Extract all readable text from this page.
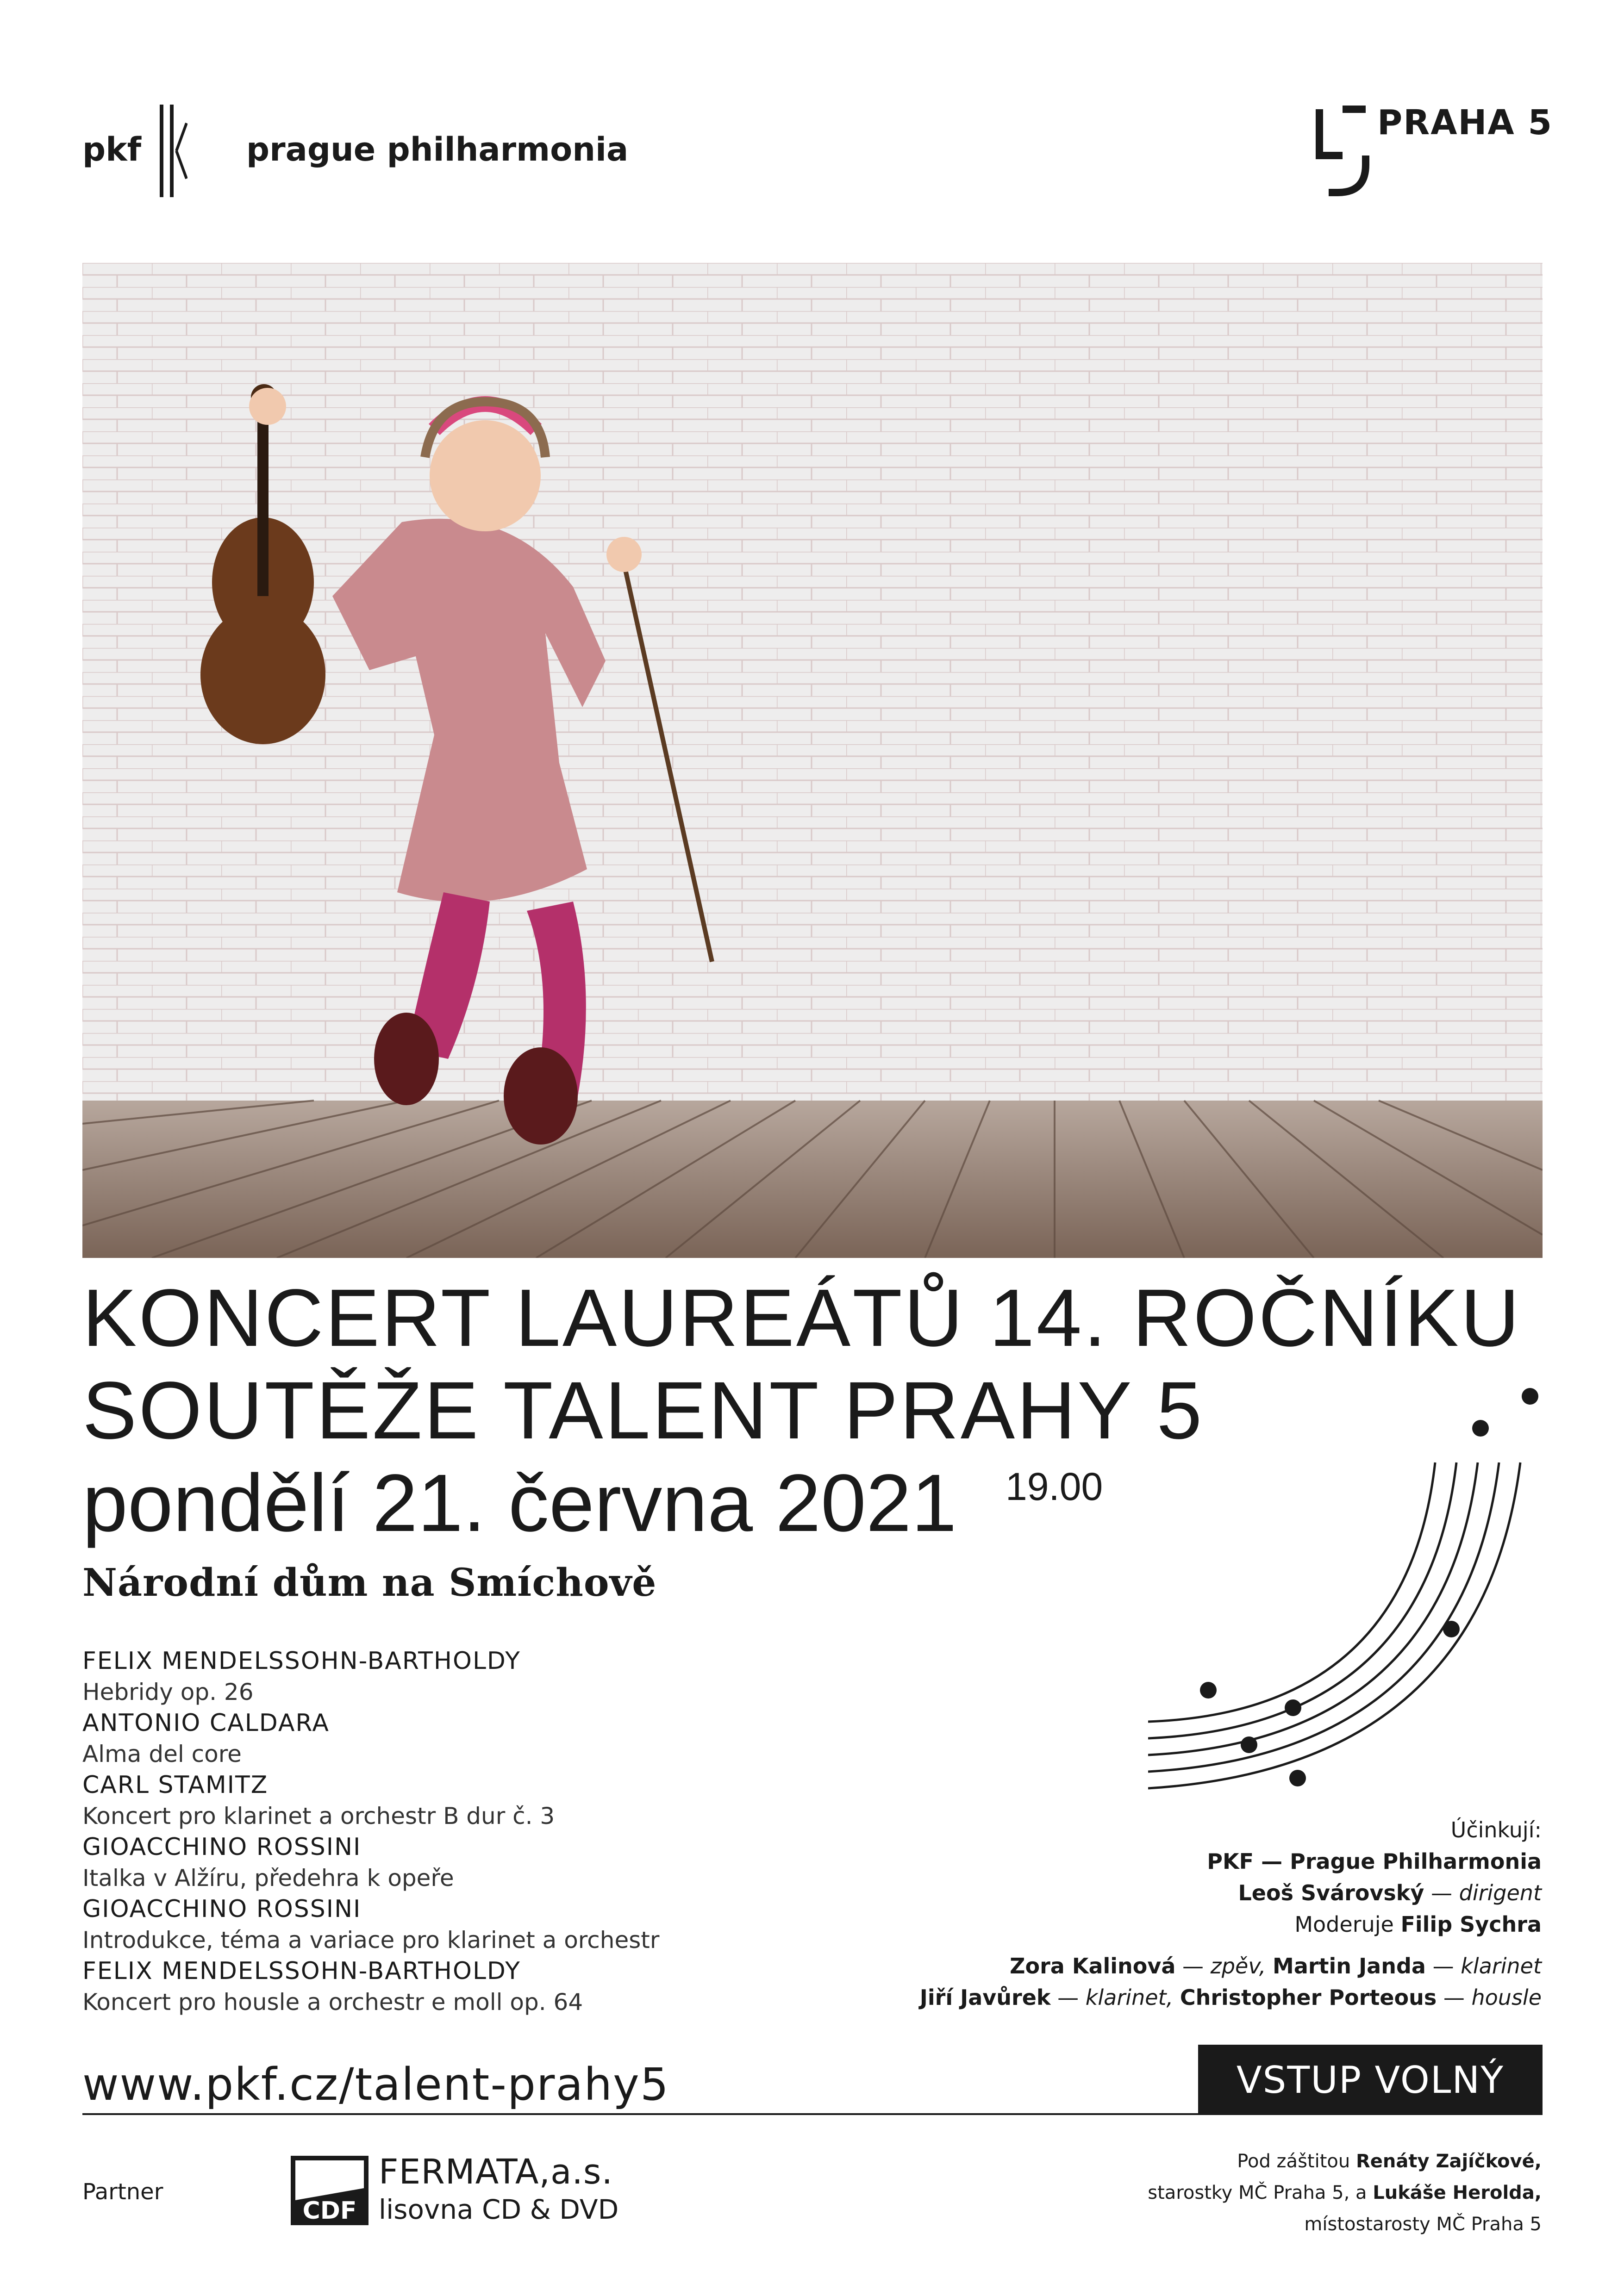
pkf	prague philharmonia
PRAHA 5
KONCERT LAUREÁTŮ 14. ROČNÍKU
SOUTĚŽE TALENT PRAHY 5
pondělí 21. června 2021 19.00
Národní dům na Smíchově
FELIX MENDELSSOHN-BARTHOLDY
Hebridy op. 26
ANTONIO CALDARA
Alma del core
CARL STAMITZ
Koncert pro klarinet a orchestr B dur č. 3
GIOACCHINO ROSSINI
Italka v Alžíru, předehra k opeře
GIOACCHINO ROSSINI
Introdukce, téma a variace pro klarinet a orchestr
FELIX MENDELSSOHN-BARTHOLDY
Koncert pro housle a orchestr e moll op. 64
Účinkují:
PKF — Prague Philharmonia
Leoš Svárovský — dirigent
Moderuje Filip Sychra
Zora Kalinová — zpěv, Martin Janda — klarinet
Jiří Javůrek — klarinet, Christopher Porteous — housle
www.pkf.cz/talent-prahy5	VSTUP VOLNÝ
Partner
CDF
FERMATA,a.s.
lisovna CD & DVD
Pod záštitou Renáty Zajíčkové,
starostky MČ Praha 5, a Lukáše Herolda,
místostarosty MČ Praha 5
